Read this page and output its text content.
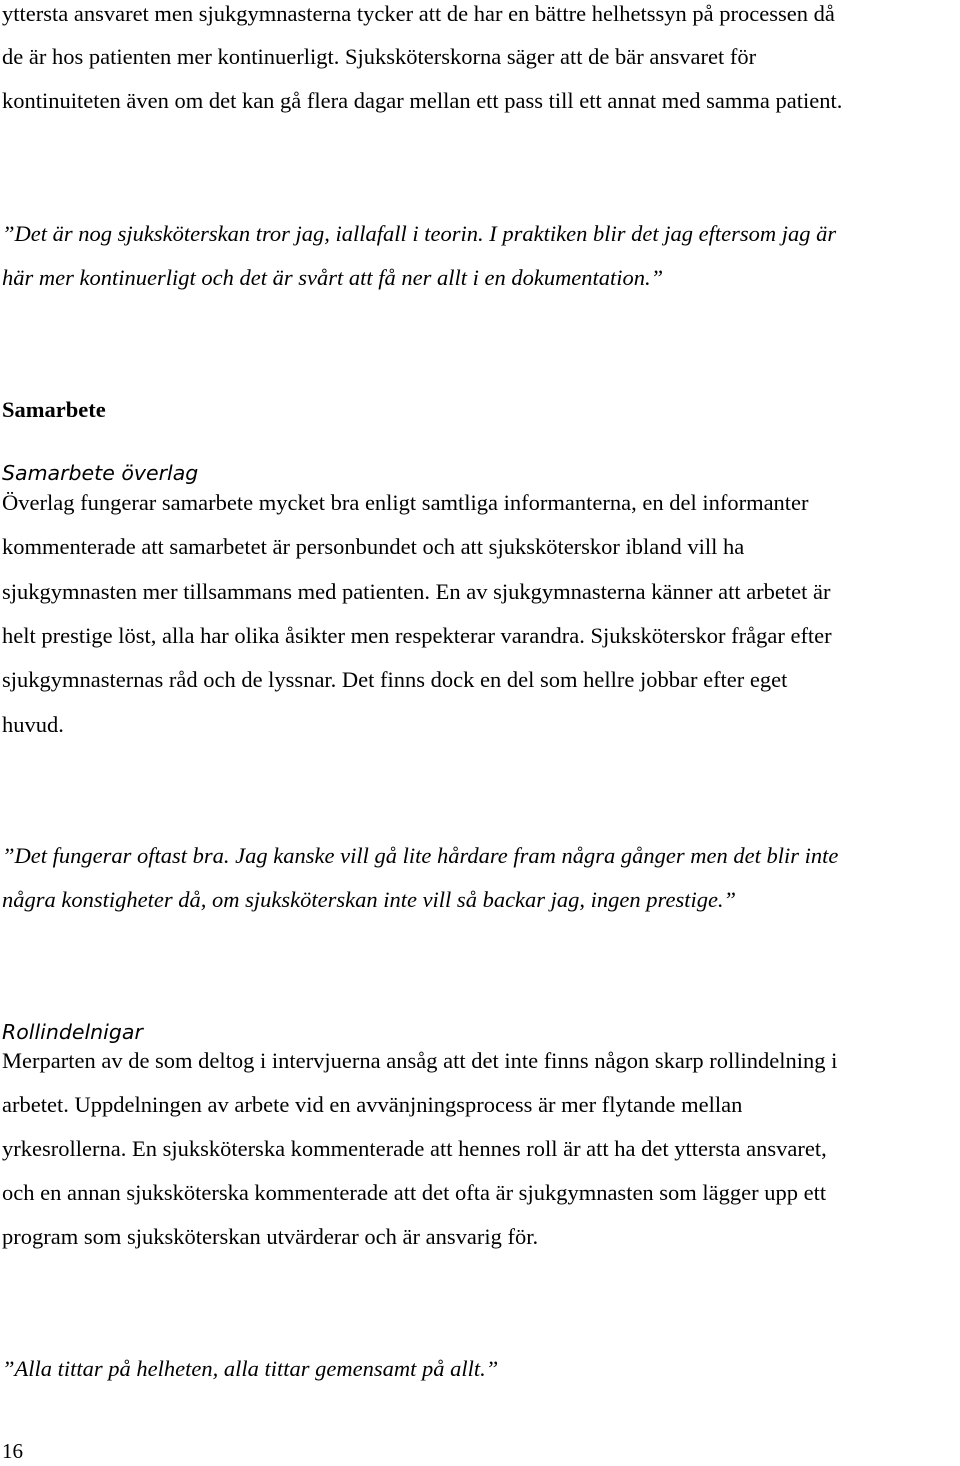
yttersta ansvaret men sjukgymnasterna tycker att de har en bättre helhetssyn på processen då
de är hos patienten mer kontinuerligt. Sjuksköterskorna säger att de bär ansvaret för
kontinuiteten även om det kan gå flera dagar mellan ett pass till ett annat med samma patient.
”Det är nog sjuksköterskan tror jag, iallafall i teorin. I praktiken blir det jag eftersom jag är
här mer kontinuerligt och det är svårt att få ner allt i en dokumentation.”
Samarbete
Samarbete överlag
Överlag fungerar samarbete mycket bra enligt samtliga informanterna, en del informanter
kommenterade att samarbetet är personbundet och att sjuksköterskor ibland vill ha
sjukgymnasten mer tillsammans med patienten. En av sjukgymnasterna känner att arbetet är
helt prestige löst, alla har olika åsikter men respekterar varandra. Sjuksköterskor frågar efter
sjukgymnasternas råd och de lyssnar. Det finns dock en del som hellre jobbar efter eget
huvud.
”Det fungerar oftast bra. Jag kanske vill gå lite hårdare fram några gånger men det blir inte
några konstigheter då, om sjuksköterskan inte vill så backar jag, ingen prestige.”
Rollindelnigar
Merparten av de som deltog i intervjuerna ansåg att det inte finns någon skarp rollindelning i
arbetet. Uppdelningen av arbete vid en avvänjningsprocess är mer flytande mellan
yrkesrollerna. En sjuksköterska kommenterade att hennes roll är att ha det yttersta ansvaret,
och en annan sjuksköterska kommenterade att det ofta är sjukgymnasten som lägger upp ett
program som sjuksköterskan utvärderar och är ansvarig för.
”Alla tittar på helheten, alla tittar gemensamt på allt.”
16
